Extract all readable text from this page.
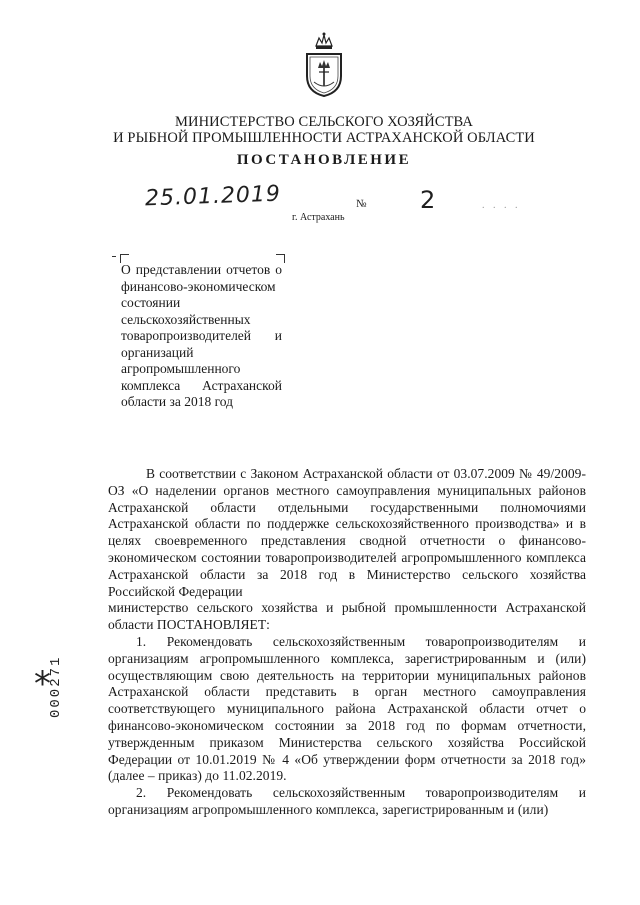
МИНИСТЕРСТВО СЕЛЬСКОГО ХОЗЯЙСТВА
И РЫБНОЙ ПРОМЫШЛЕННОСТИ АСТРАХАНСКОЙ ОБЛАСТИ
ПОСТАНОВЛЕНИЕ
25.01.2019	№ 2
г. Астрахань
. . . .
О представлении отчетов о финансово-экономическом состоянии сельскохозяйственных товаропроизводителей и организаций агропромышленного комплекса Астраханской области за 2018 год

В соответствии с Законом Астраханской области от 03.07.2009 № 49/2009-ОЗ «О наделении органов местного самоуправления муниципальных районов Астраханской области отдельными государственными полномочиями Астраханской области по поддержке сельскохозяйственного производства» и в целях своевременного представления сводной отчетности о финансово-экономическом состоянии товаропроизводителей агропромышленного комплекса Астраханской области за 2018 год в Министерство сельского хозяйства Российской Федерации

министерство сельского хозяйства и рыбной промышленности Астраханской области ПОСТАНОВЛЯЕТ:

1. Рекомендовать сельскохозяйственным товаропроизводителям и организациям агропромышленного комплекса, зарегистрированным и (или) осуществляющим свою деятельность на территории муниципальных районов Астраханской области представить в орган местного самоуправления соответствующего муниципального района Астраханской области отчет о финансово-экономическом состоянии за 2018 год по формам отчетности, утвержденным приказом Министерства сельского хозяйства Российской Федерации от 10.01.2019 № 4 «Об утверждении форм отчетности за 2018 год» (далее – приказ) до 11.02.2019.

2. Рекомендовать сельскохозяйственным товаропроизводителям и организациям агропромышленного комплекса, зарегистрированным и (или)

*
000271
